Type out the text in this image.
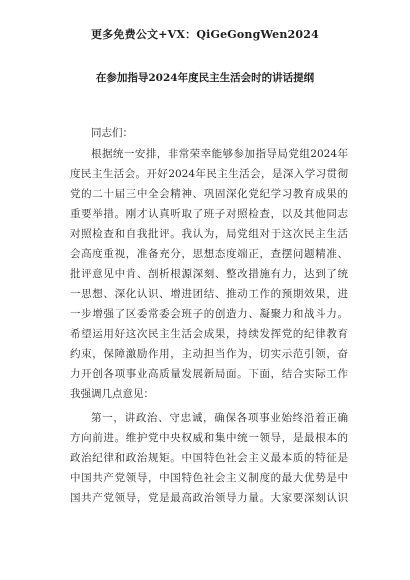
更多免费公文+VX：QiGeGongWen2024
在参加指导2024年度民主生活会时的讲话提纲
同志们：
根据统一安排，非常荣幸能够参加指导局党组2024年
度民主生活会。开好2024年民主生活会，是深入学习贯彻
党的二十届三中全会精神、巩固深化党纪学习教育成果的
重要举措。刚才认真听取了班子对照检查，以及其他同志
对照检查和自我批评。我认为，局党组对于这次民主生活
会高度重视，准备充分，思想态度端正，查摆问题精准、
批评意见中肯、剖析根源深刻、整改措施有力，达到了统
一思想、深化认识、增进团结、推动工作的预期效果，进
一步增强了区委常委会班子的创造力、凝聚力和战斗力。
希望运用好这次民主生活会成果，持续发挥党的纪律教育
约束，保障激励作用，主动担当作为，切实示范引领，奋
力开创各项事业高质量发展新局面。下面，结合实际工作
我强调几点意见：
第一，讲政治、守忠诚，确保各项事业始终沿着正确
方向前进。维护党中央权威和集中统一领导，是最根本的
政治纪律和政治规矩。中国特色社会主义最本质的特征是
中国共产党领导，中国特色社会主义制度的最大优势是中
国共产党领导，党是最高政治领导力量。大家要深刻认识
